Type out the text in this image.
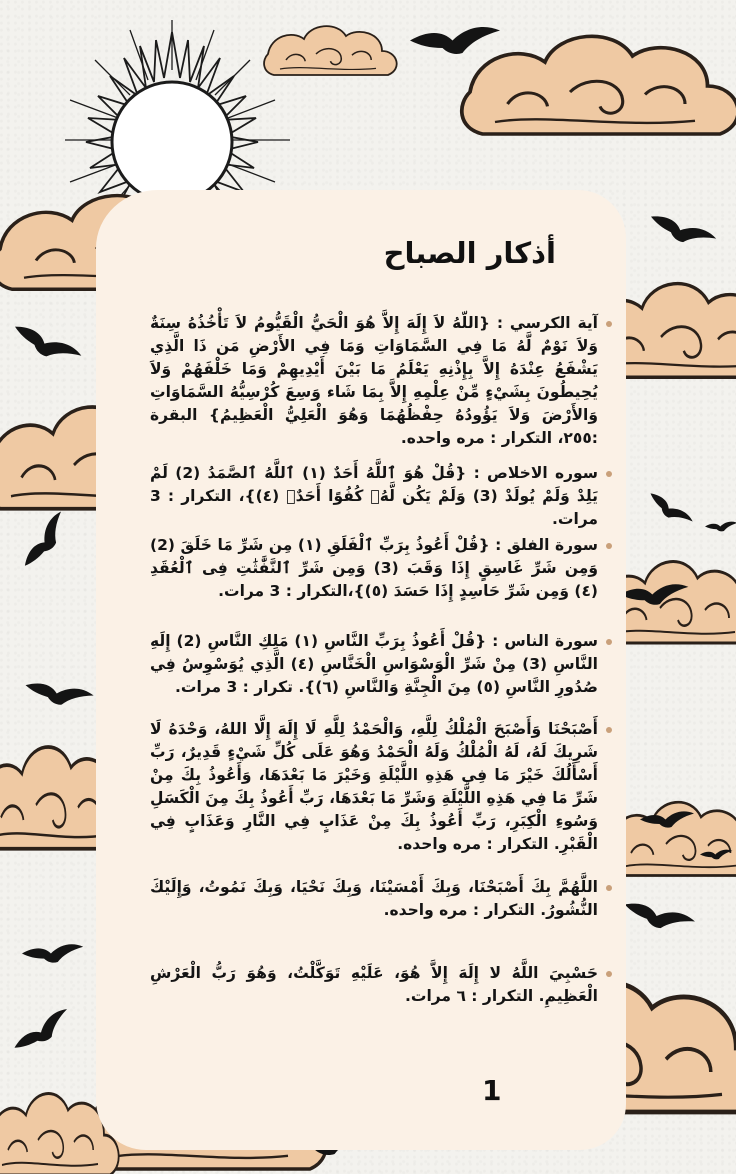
أذكار الصباح
آية الكرسي : {اللّهُ لاَ إِلَهَ إِلاَّ هُوَ الْحَيُّ الْقَيُّومُ لاَ تَأْخُذُهُ سِنَةٌ وَلاَ نَوْمٌ لَّهُ مَا فِي السَّمَاوَاتِ وَمَا فِي الأَرْضِ مَن ذَا الَّذِي يَشْفَعُ عِنْدَهُ إِلاَّ بِإِذْنِهِ يَعْلَمُ مَا بَيْنَ أَيْدِيهِمْ وَمَا خَلْفَهُمْ وَلاَ يُحِيطُونَ بِشَيْءٍ مِّنْ عِلْمِهِ إِلاَّ بِمَا شَاء وَسِعَ كُرْسِيُّهُ السَّمَاوَاتِ وَالأَرْضَ وَلاَ يَؤُودُهُ حِفْظُهُمَا وَهُوَ الْعَلِيُّ الْعَظِيمُ} البقرة :٢٥٥، التكرار : مره واحده.
سوره الاخلاص : {قُلْ هُوَ ٱللَّهُ أَحَدٌ (١) ٱللَّهُ ٱلصَّمَدُ (2) لَمْ يَلِدْ وَلَمْ يُولَدْ (3) وَلَمْ يَكُن لَّهُۥ كُفُوًا أَحَدٌۢ (٤)}، التكرار : 3 مرات.
سورة الفلق : {قُلْ أَعُوذُ بِرَبِّ ٱلْفَلَقِ (١) مِن شَرِّ مَا خَلَقَ (2) وَمِن شَرِّ غَاسِقٍ إِذَا وَقَبَ (3) وَمِن شَرِّ ٱلنَّفَّٰثَٰتِ فِى ٱلْعُقَدِ (٤) وَمِن شَرِّ حَاسِدٍ إِذَا حَسَدَ (٥)}،التكرار : 3 مرات.
سورة الناس : {قُلْ أَعُوذُ بِرَبِّ النَّاسِ (١) مَلِكِ النَّاسِ (2) إِلَهِ النَّاسِ (3) مِنْ شَرِّ الْوَسْوَاسِ الْخَنَّاسِ (٤) الَّذِي يُوَسْوِسُ فِي صُدُورِ النَّاسِ (٥) مِنَ الْجِنَّةِ وَالنَّاسِ (٦)}. تكرار : 3 مرات.
أَصْبَحْنَا وَأَصْبَحَ الْمُلْكُ لِلَّهِ، وَالْحَمْدُ لِلَّهِ لَا إِلَهَ إِلَّا اللهُ، وَحْدَهُ لَا شَرِيكَ لَهُ، لَهُ الْمُلْكُ وَلَهُ الْحَمْدُ وَهُوَ عَلَى كُلِّ شَيْءٍ قَدِيرٌ، رَبِّ أَسْأَلُكَ خَيْرَ مَا فِي هَذِهِ اللَّيْلَةِ وَخَيْرَ مَا بَعْدَهَا، وَأَعُوذُ بِكَ مِنْ شَرِّ مَا فِي هَذِهِ اللَّيْلَةِ وَشَرِّ مَا بَعْدَهَا، رَبِّ أَعُوذُ بِكَ مِنَ الْكَسَلِ وَسُوءِ الْكِبَرِ، رَبِّ أَعُوذُ بِكَ مِنْ عَذَابٍ فِي النَّارِ وَعَذَابٍ فِي الْقَبْرِ. التكرار : مره واحده.
اللَّهُمَّ بِكَ أَصْبَحْنَا، وَبِكَ أَمْسَيْنَا، وَبِكَ نَحْيَا، وَبِكَ نَمُوتُ، وَإِلَيْكَ النُّشُورُ. التكرار : مره واحده.
حَسْبِيَ اللَّهُ لا إِلَهَ إِلاَّ هُوَ، عَلَيْهِ تَوَكَّلْتُ، وَهُوَ رَبُّ الْعَرْشِ الْعَظِيمِ. التكرار : ٦ مرات.
1
